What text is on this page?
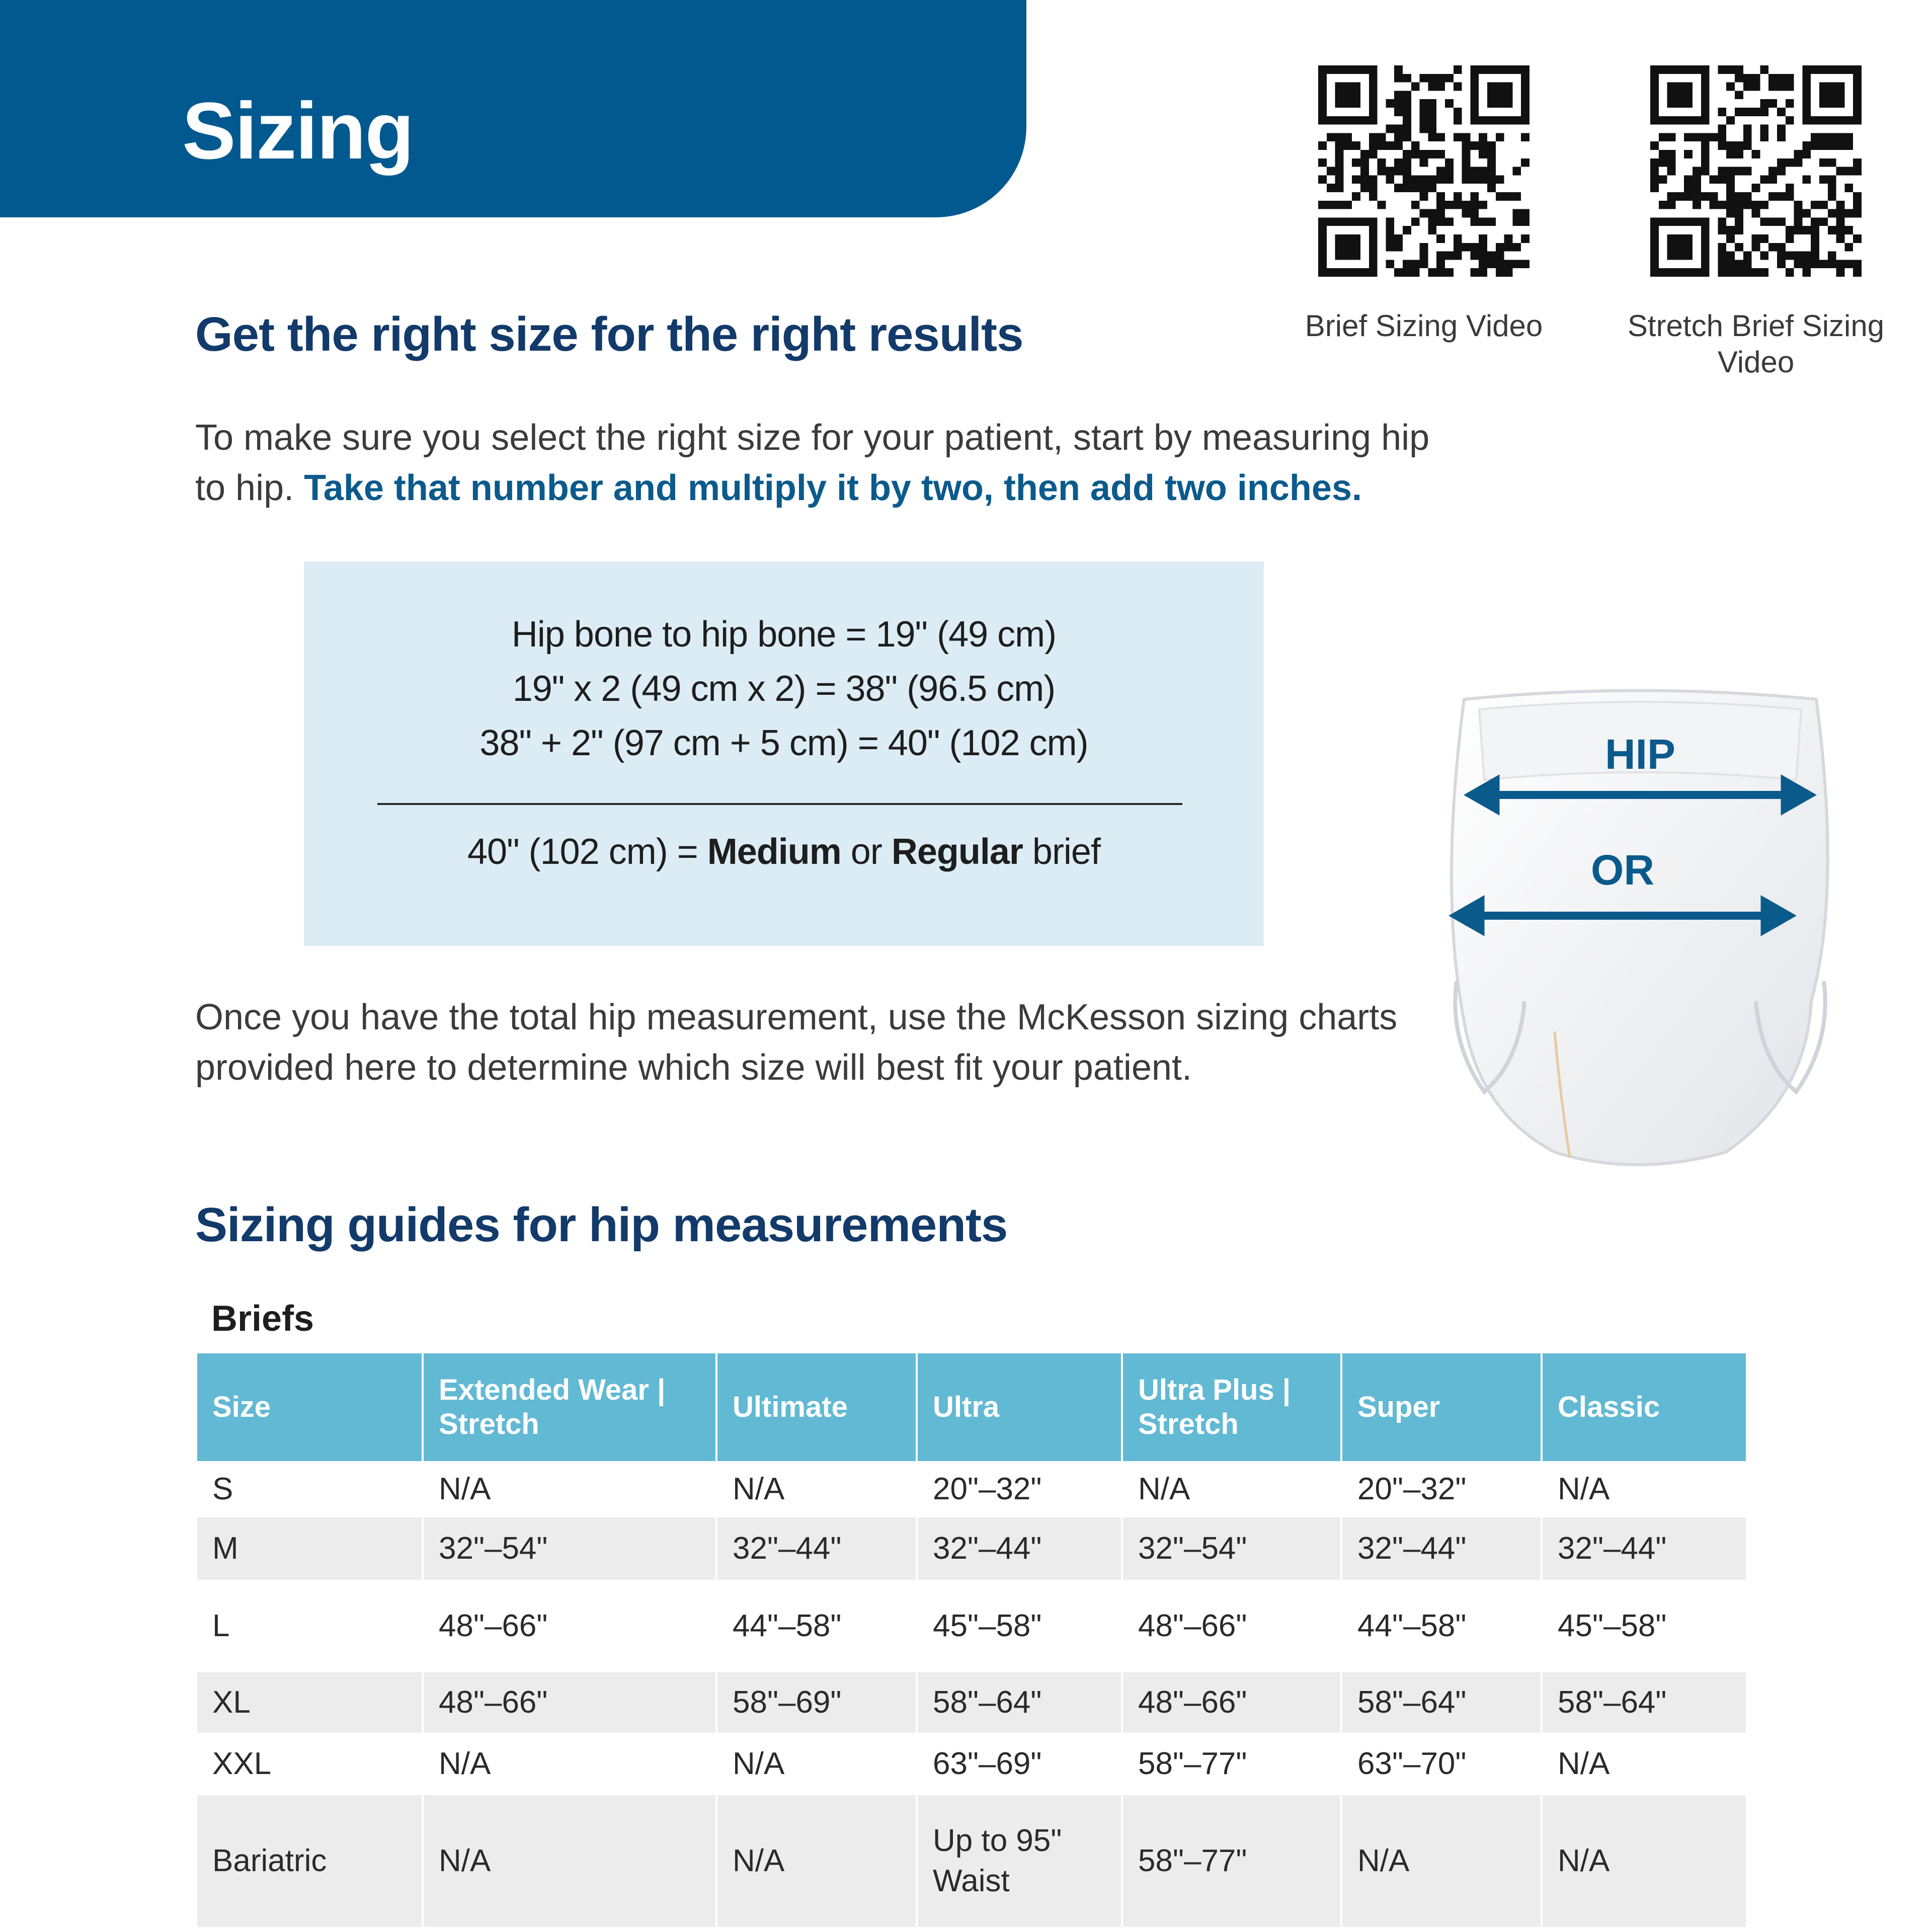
Sizing
Brief Sizing Video	Stretch Brief Sizing Video
Get the right size for the right results

To make sure you select the right size for your patient, start by measuring hip to hip. Take that number and multiply it by two, then add two inches.

Hip bone to hip bone = 19" (49 cm)
19" x 2 (49 cm x 2) = 38" (96.5 cm)
38" + 2" (97 cm + 5 cm) = 40" (102 cm)
40" (102 cm) = Medium or Regular brief
HIP
OR

Once you have the total hip measurement, use the McKesson sizing charts provided here to determine which size will best fit your patient.

Sizing guides for hip measurements

Briefs

Size	Extended Wear | Stretch	Ultimate	Ultra	Ultra Plus | Stretch	Super	Classic
S	N/A	N/A	20"–32"	N/A	20"–32"	N/A
M	32"–54"	32"–44"	32"–44"	32"–54"	32"–44"	32"–44"
L	48"–66"	44"–58"	45"–58"	48"–66"	44"–58"	45"–58"
XL	48"–66"	58"–69"	58"–64"	48"–66"	58"–64"	58"–64"
XXL	N/A	N/A	63"–69"	58"–77"	63"–70"	N/A
Bariatric	N/A	N/A	Up to 95" Waist	58"–77"	N/A	N/A
